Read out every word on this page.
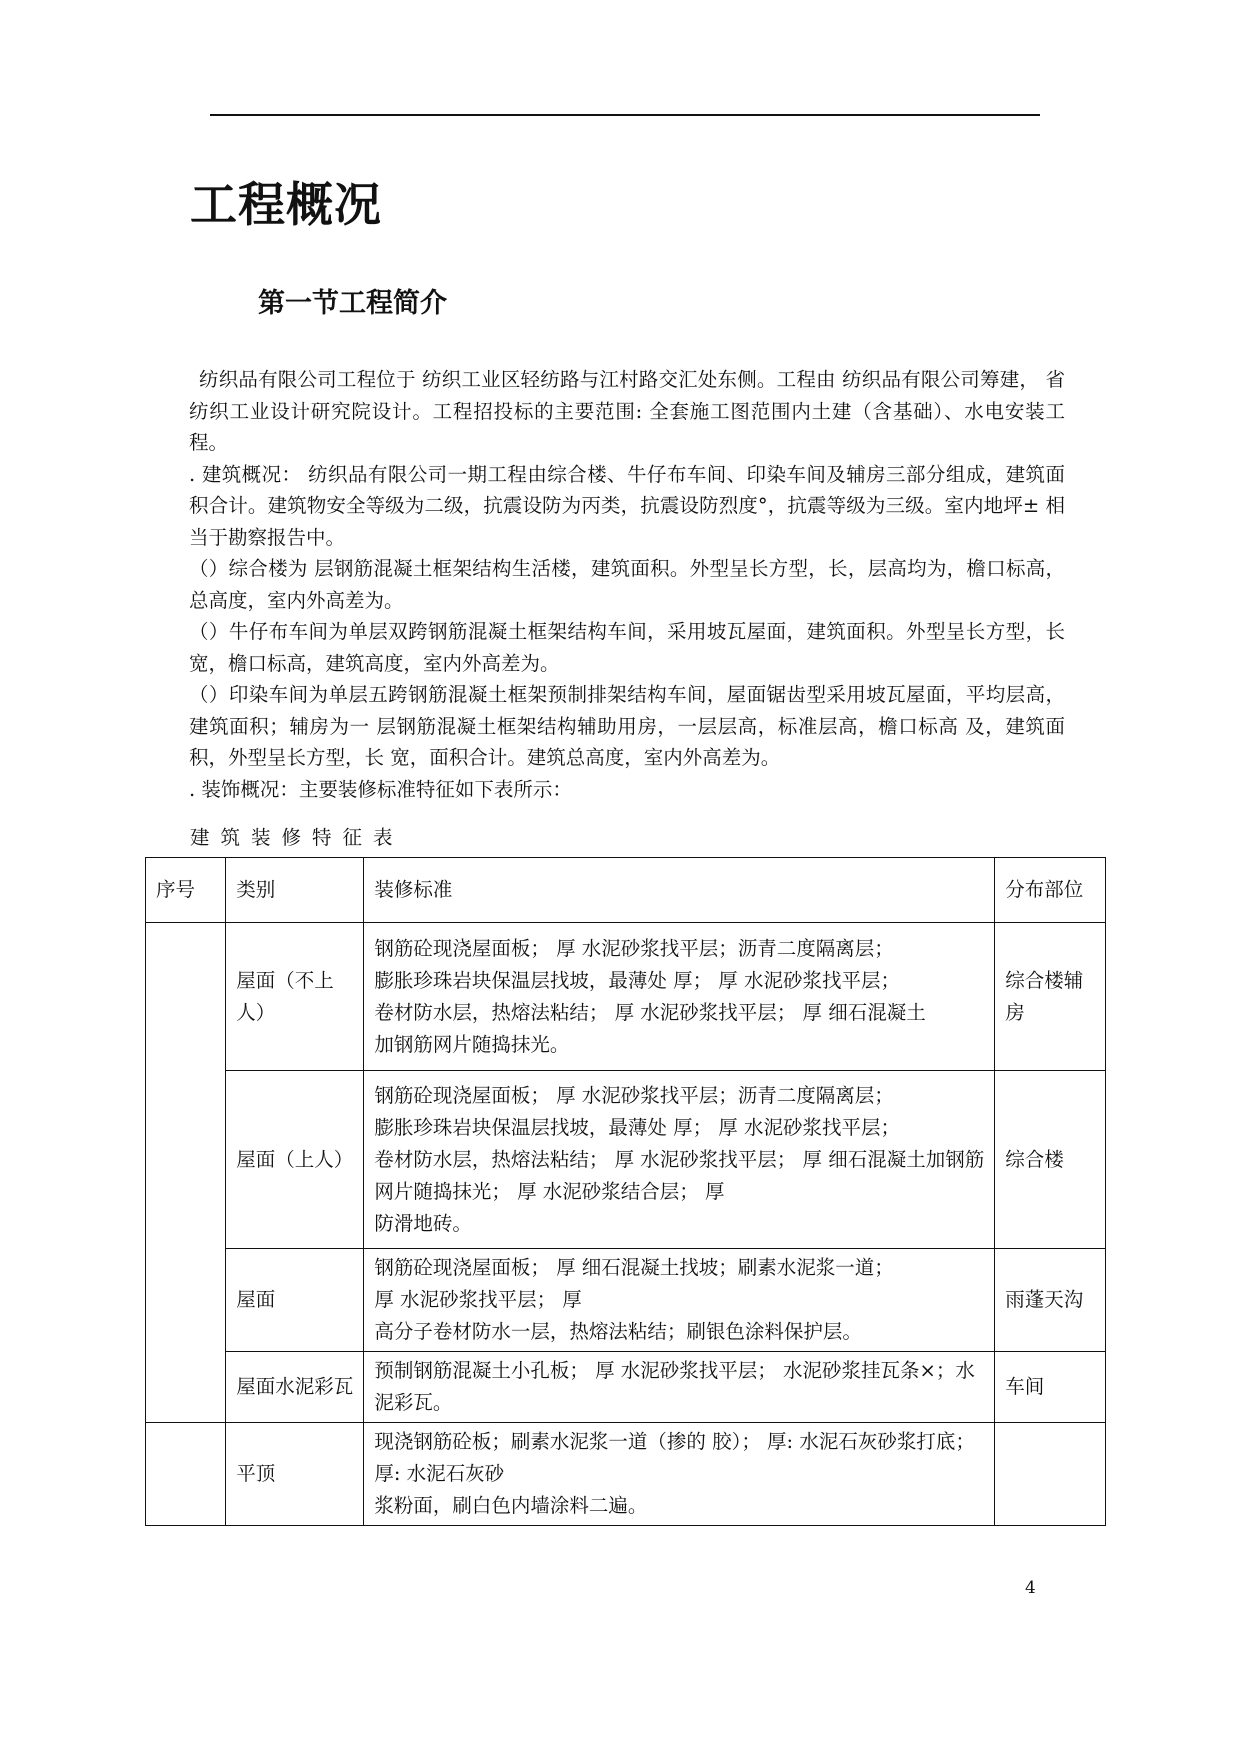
工程概况
第一节工程简介

纺织品有限公司工程位于 纺织工业区轻纺路与江村路交汇处东侧。工程由 纺织品有限公司筹建， 省纺织工业设计研究院设计。工程招投标的主要范围: 全套施工图范围内土建（含基础）、水电安装工程。

. 建筑概况： 纺织品有限公司一期工程由综合楼、牛仔布车间、印染车间及辅房三部分组成，建筑面积合计。建筑物安全等级为二级，抗震设防为丙类，抗震设防烈度°，抗震等级为三级。室内地坪± 相当于勘察报告中。

（）综合楼为 层钢筋混凝土框架结构生活楼，建筑面积。外型呈长方型，长，层高均为，檐口标高，总高度，室内外高差为。

（）牛仔布车间为单层双跨钢筋混凝土框架结构车间，采用坡瓦屋面，建筑面积。外型呈长方型，长 宽，檐口标高，建筑高度，室内外高差为。

（）印染车间为单层五跨钢筋混凝土框架预制排架结构车间，屋面锯齿型采用坡瓦屋面，平均层高，建筑面积；辅房为一 层钢筋混凝土框架结构辅助用房，一层层高，标准层高，檐口标高 及，建筑面积，外型呈长方型，长 宽，面积合计。建筑总高度，室内外高差为。

. 装饰概况：主要装修标准特征如下表所示：

建筑装修特征表
序号	类别	装修标准	分布部位
	屋面（不上人）	钢筋砼现浇屋面板； 厚 水泥砂浆找平层；沥青二度隔离层；
膨胀珍珠岩块保温层找坡，最薄处 厚； 厚 水泥砂浆找平层；
卷材防水层，热熔法粘结； 厚 水泥砂浆找平层； 厚 细石混凝土
加钢筋网片随捣抹光。	综合楼辅房
	屋面（上人）	钢筋砼现浇屋面板； 厚 水泥砂浆找平层；沥青二度隔离层；
膨胀珍珠岩块保温层找坡，最薄处 厚； 厚 水泥砂浆找平层；
卷材防水层，热熔法粘结； 厚 水泥砂浆找平层； 厚 细石混凝土加钢筋网片随捣抹光； 厚 水泥砂浆结合层； 厚
防滑地砖。	综合楼
	屋面	钢筋砼现浇屋面板； 厚 细石混凝土找坡；刷素水泥浆一道；
厚 水泥砂浆找平层； 厚
高分子卷材防水一层，热熔法粘结；刷银色涂料保护层。	雨蓬天沟
	屋面水泥彩瓦	预制钢筋混凝土小孔板； 厚 水泥砂浆找平层； 水泥砂浆挂瓦条×；水泥彩瓦。	车间
	平顶	现浇钢筋砼板；刷素水泥浆一道（掺的 胶）； 厚: 水泥石灰砂浆打底； 厚: 水泥石灰砂
浆粉面，刷白色内墙涂料二遍。	

4
